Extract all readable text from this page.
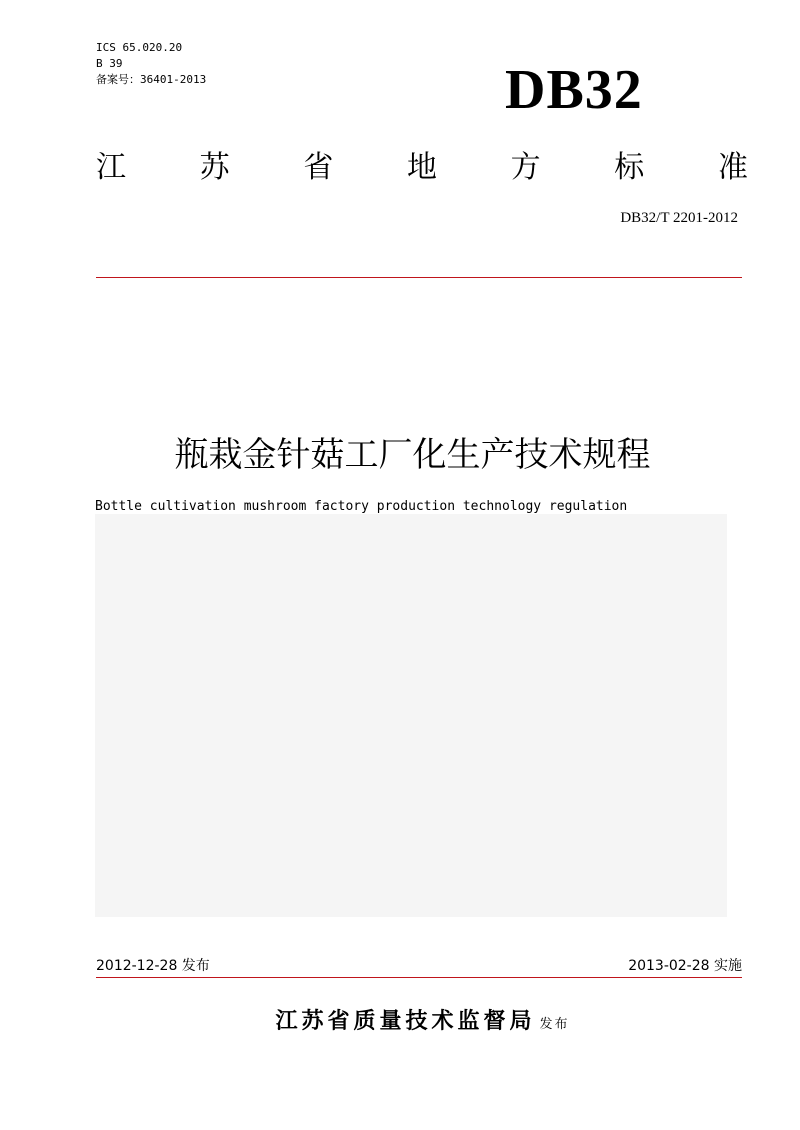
ICS 65.020.20
B 39
备案号：36401-2013	DB32
江 苏 省 地 方 标 准
DB32/T 2201-2012
瓶栽金针菇工厂化生产技术规程
Bottle cultivation mushroom factory production technology regulation
2012-12-28 发布	2013-02-28 实施
江苏省质量技术监督局 发布
